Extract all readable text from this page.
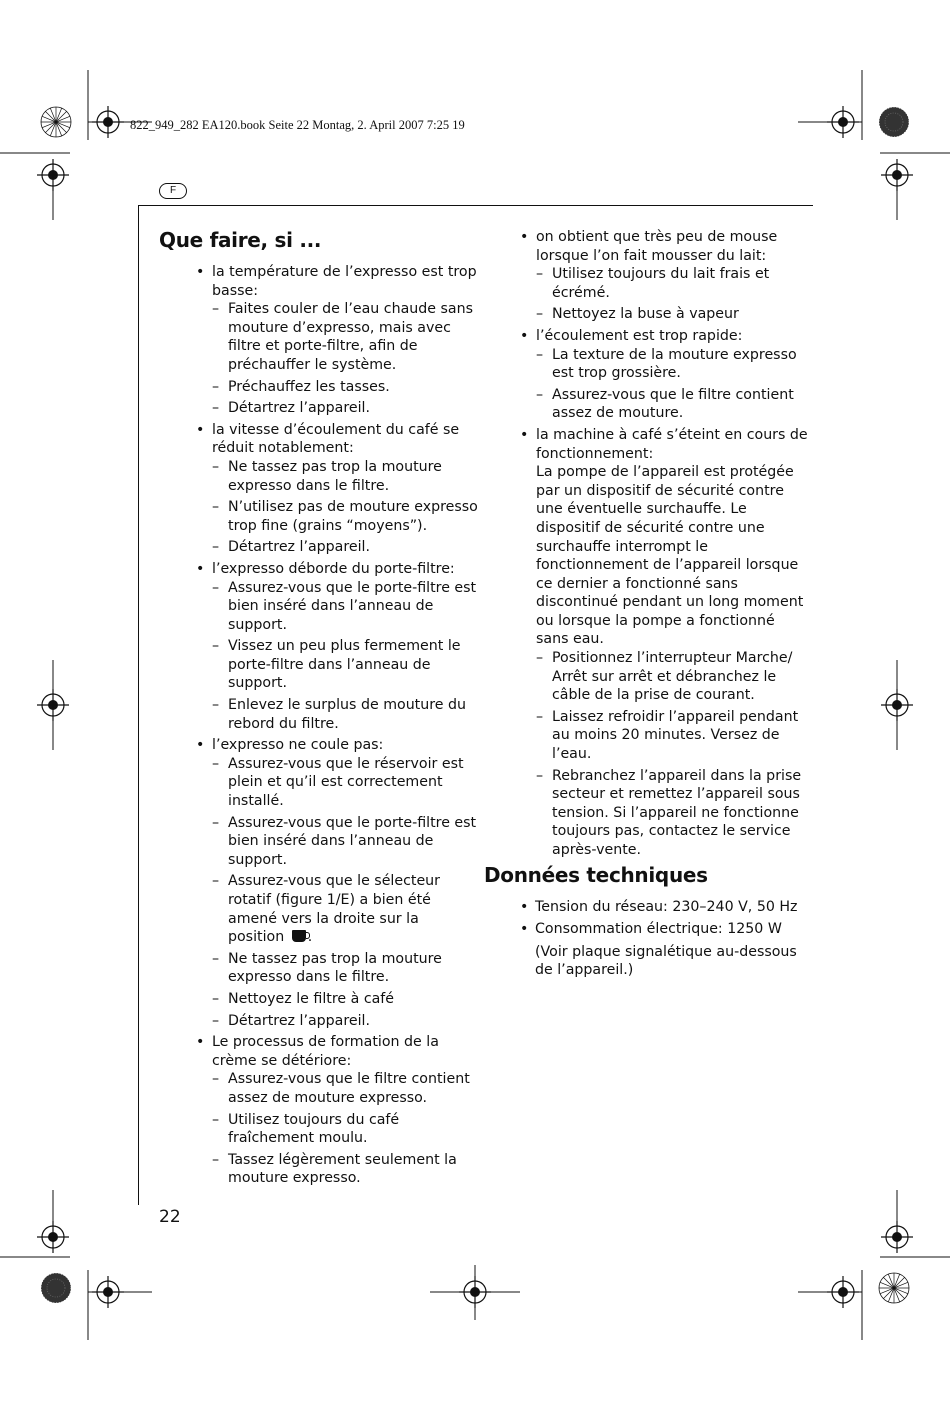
822_949_282 EA120.book Seite 22 Montag, 2. April 2007 7:25 19
F
Que faire, si ...
• la température de l’expresso est trop basse:
– Faites couler de l’eau chaude sans mouture d’expresso, mais avec filtre et porte-filtre, afin de préchauffer le système.
– Préchauffez les tasses.
– Détartrez l’appareil.
• la vitesse d’écoulement du café se réduit notablement:
– Ne tassez pas trop la mouture expresso dans le filtre.
– N’utilisez pas de mouture expresso trop fine (grains “moyens”).
– Détartrez l’appareil.
• l’expresso déborde du porte-filtre:
– Assurez-vous que le porte-filtre est bien inséré dans l’anneau de support.
– Vissez un peu plus fermement le porte-filtre dans l’anneau de support.
– Enlevez le surplus de mouture du rebord du filtre.
• l’expresso ne coule pas:
– Assurez-vous que le réservoir est plein et qu’il est correctement installé.
– Assurez-vous que le porte-filtre est bien inséré dans l’anneau de support.
– Assurez-vous que le sélecteur rotatif (figure 1/E) a bien été amené vers la droite sur la position .
– Ne tassez pas trop la mouture expresso dans le filtre.
– Nettoyez le filtre à café
– Détartrez l’appareil.
• Le processus de formation de la crème se détériore:
– Assurez-vous que le filtre contient assez de mouture expresso.
– Utilisez toujours du café fraîchement moulu.
– Tassez légèrement seulement la mouture expresso.
• on obtient que très peu de mouse lorsque l’on fait mousser du lait:
– Utilisez toujours du lait frais et écrémé.
– Nettoyez la buse à vapeur
• l’écoulement est trop rapide:
– La texture de la mouture expresso est trop grossière.
– Assurez-vous que le filtre contient assez de mouture.
• la machine à café s’éteint en cours de fonctionnement:
La pompe de l’appareil est protégée par un dispositif de sécurité contre une éventuelle surchauffe. Le dispositif de sécurité contre une surchauffe interrompt le fonctionnement de l’appareil lorsque ce dernier a fonctionné sans discontinué pendant un long moment ou lorsque la pompe a fonctionné sans eau.
– Positionnez l’interrupteur Marche/ Arrêt sur arrêt et débranchez le câble de la prise de courant.
– Laissez refroidir l’appareil pendant au moins 20 minutes. Versez de l’eau.
– Rebranchez l’appareil dans la prise secteur et remettez l’appareil sous tension. Si l’appareil ne fonctionne toujours pas, contactez le service après-vente.
Données techniques
• Tension du réseau: 230–240 V, 50 Hz
• Consommation électrique: 1250 W
(Voir plaque signalétique au-dessous de l’appareil.)
22
